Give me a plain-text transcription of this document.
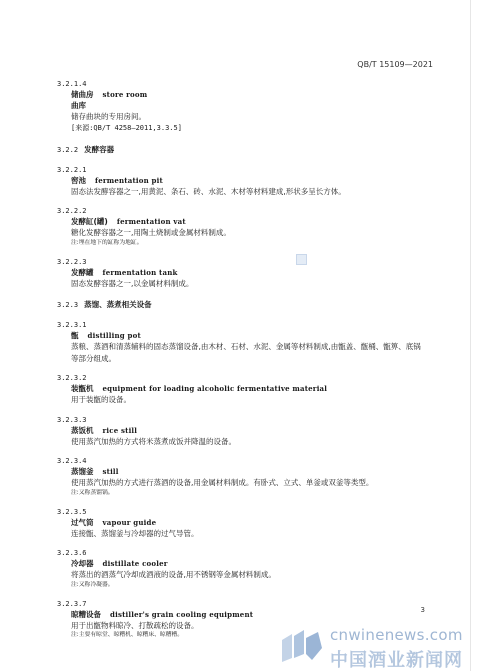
QB/T 15109—2021
3.2.1.4
储曲房 store room
曲库
储存曲块的专用房间。
[来源:QB/T 4258—2011,3.3.5]
3.2.2 发酵容器
3.2.2.1
窖池 fermentation pit
固态法发酵容器之一,用黄泥、条石、砖、水泥、木材等材料建成,形状多呈长方体。
3.2.2.2
发酵缸(罐) fermentation vat
糖化发酵容器之一,用陶土烧制或金属材料制成。
注:埋在地下的缸称为地缸。
3.2.2.3
发酵罐 fermentation tank
固态发酵容器之一,以金属材料制成。
3.2.3 蒸馏、蒸煮相关设备
3.2.3.1
甑 distilling pot
蒸粮、蒸酒和清蒸辅料的固态蒸馏设备,由木材、石材、水泥、金属等材料制成,由甑盖、甑桶、甑箅、底锅等部分组成。
3.2.3.2
装甑机 equipment for loading alcoholic fermentative material
用于装甑的设备。
3.2.3.3
蒸饭机 rice still
使用蒸汽加热的方式将米蒸煮成饭并降温的设备。
3.2.3.4
蒸馏釜 still
使用蒸汽加热的方式进行蒸酒的设备,用金属材料制成。有卧式、立式、单釜或双釜等类型。
注:又称蒸馏锅。
3.2.3.5
过气筒 vapour guide
连接甑、蒸馏釜与冷却器的过气导管。
3.2.3.6
冷却器 distillate cooler
将蒸出的酒蒸气冷却成酒液的设备,用不锈钢等金属材料制成。
注:又称冷凝器。
3.2.3.7
晾糟设备 distiller's grain cooling equipment
用于出甑物料晾冷、打散疏松的设备。
注:主要有晾堂、晾糟机、晾糟床、晾糟槽。
3
cnwinenews.com
中国酒业新闻网
